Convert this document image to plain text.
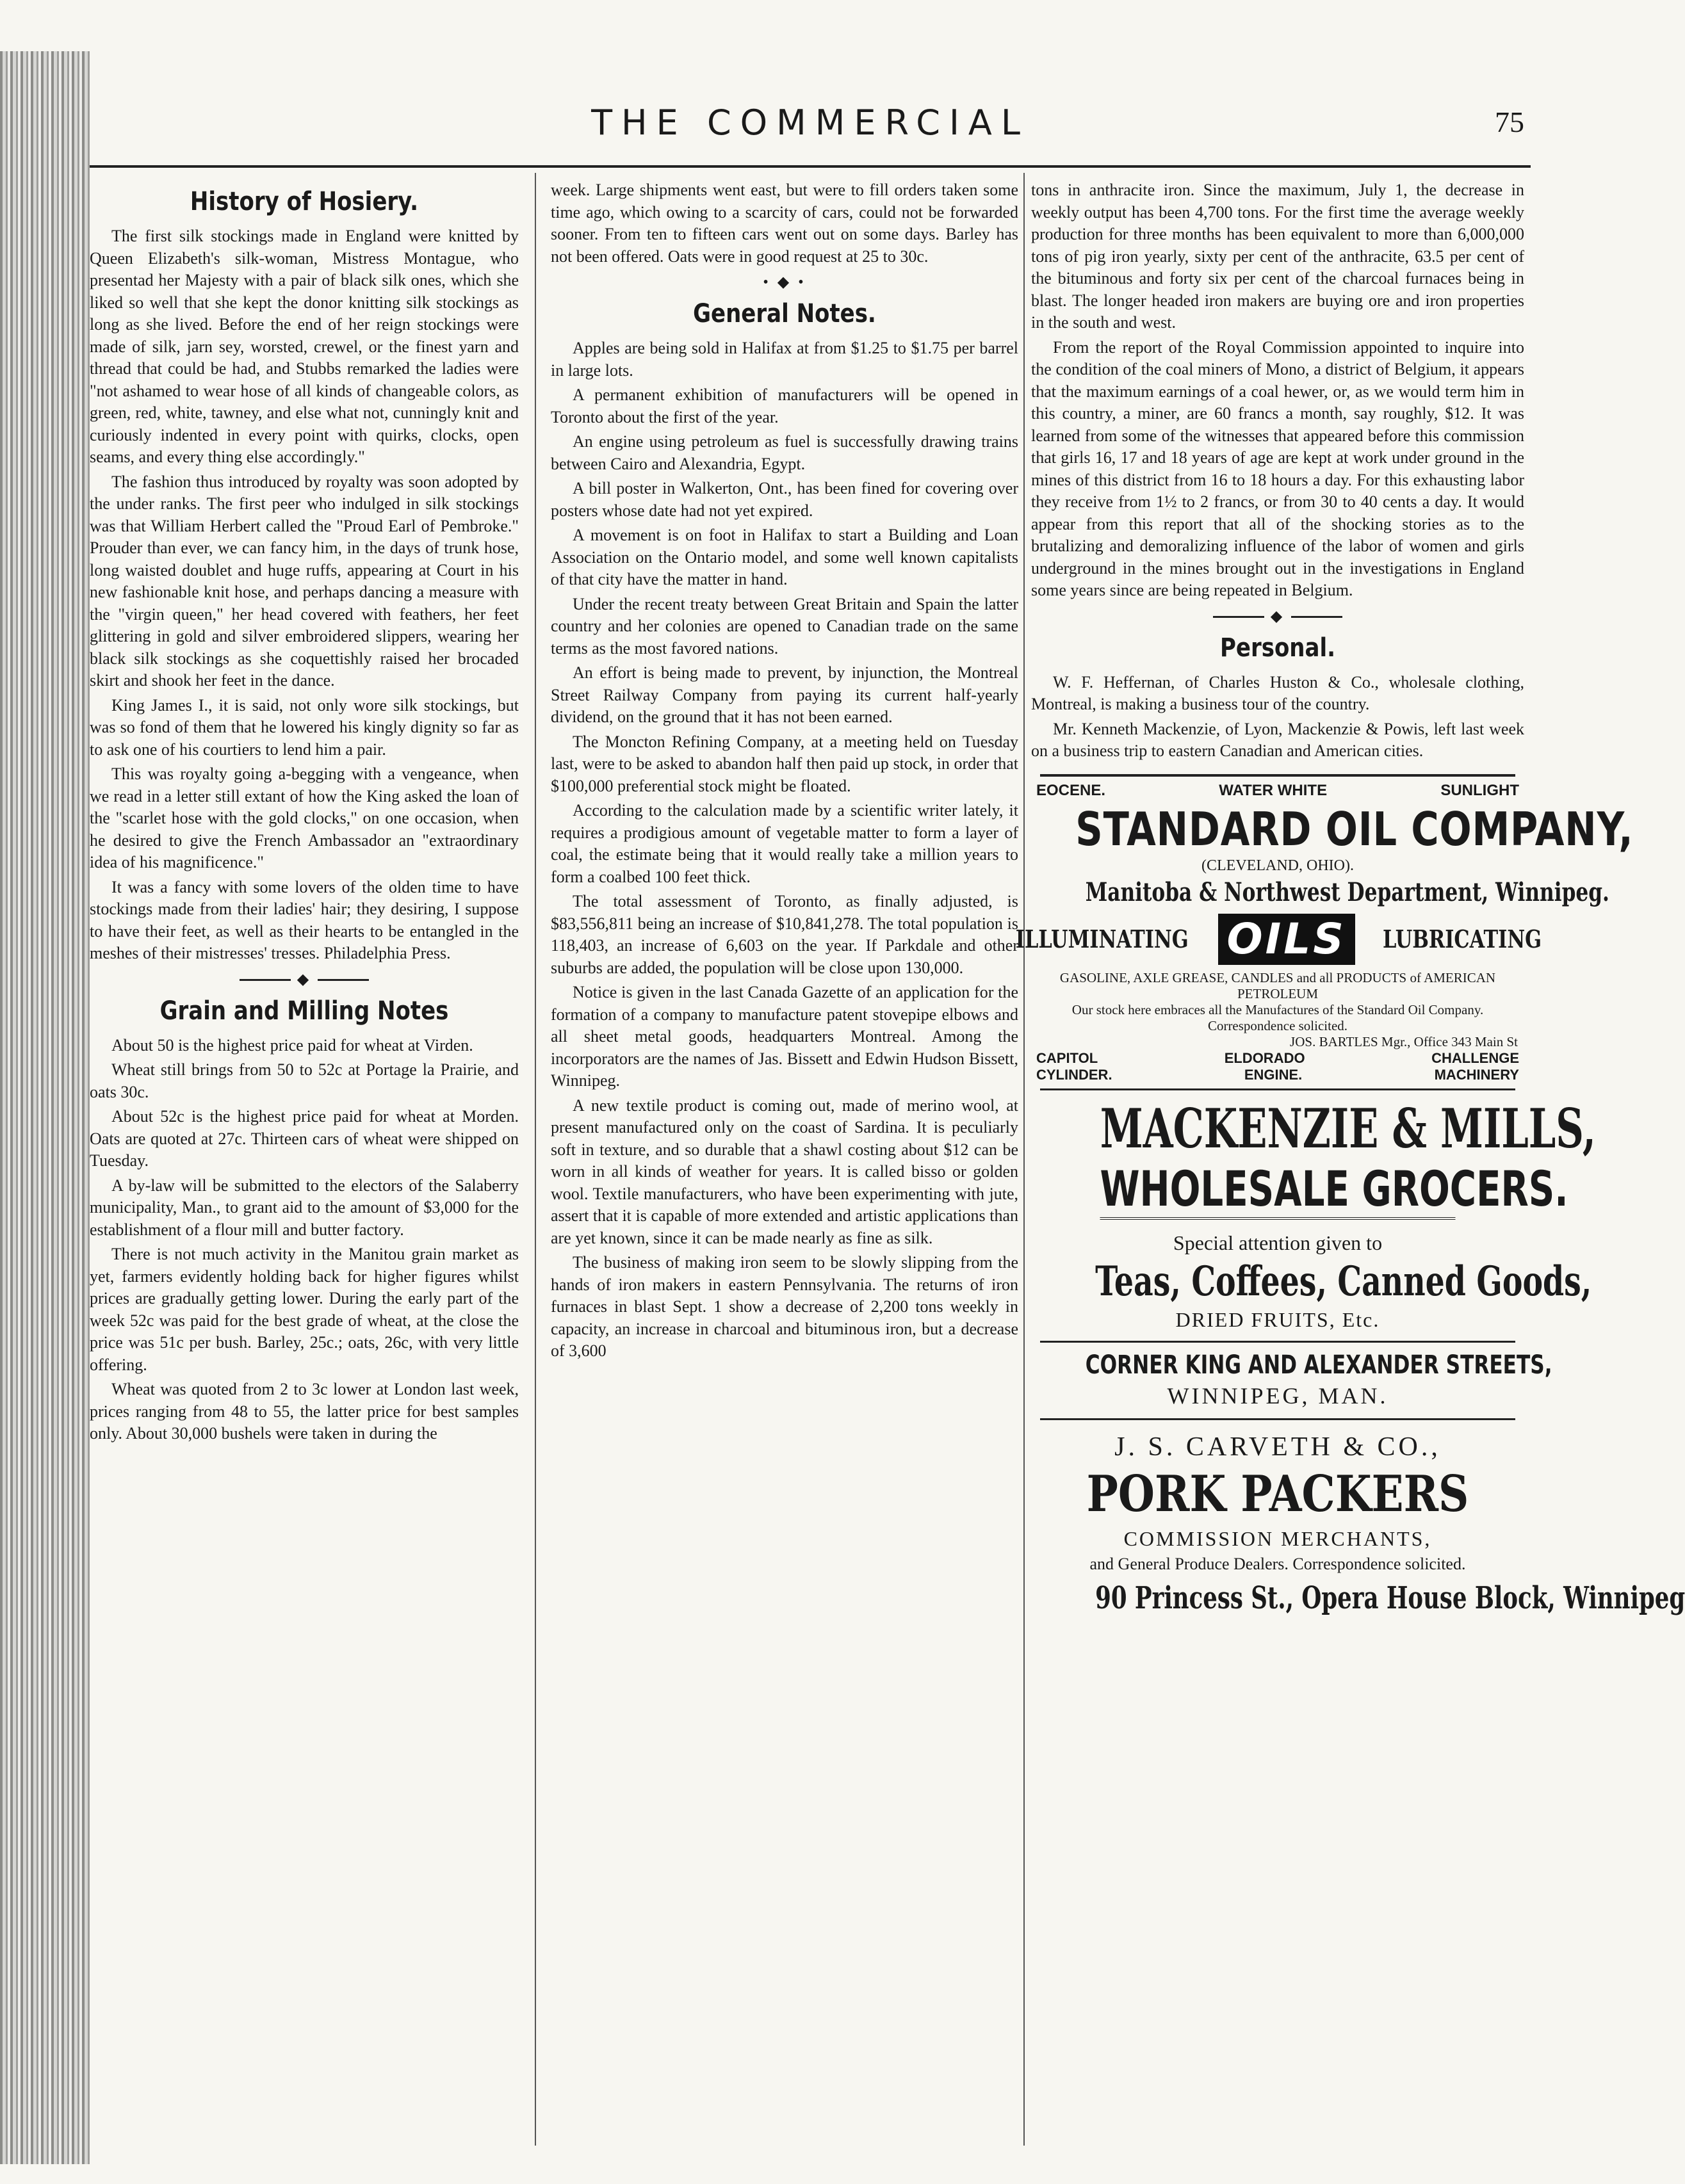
THE COMMERCIAL	75
History of Hosiery.

The first silk stockings made in England were knitted by Queen Elizabeth's silk-woman, Mistress Montague, who presentad her Majesty with a pair of black silk ones, which she liked so well that she kept the donor knitting silk stockings as long as she lived. Before the end of her reign stockings were made of silk, jarn sey, worsted, crewel, or the finest yarn and thread that could be had, and Stubbs remarked the ladies were "not ashamed to wear hose of all kinds of changeable colors, as green, red, white, tawney, and else what not, cunningly knit and curiously indented in every point with quirks, clocks, open seams, and every thing else accordingly."

The fashion thus introduced by royalty was soon adopted by the under ranks. The first peer who indulged in silk stockings was that William Herbert called the "Proud Earl of Pembroke." Prouder than ever, we can fancy him, in the days of trunk hose, long waisted doublet and huge ruffs, appearing at Court in his new fashionable knit hose, and perhaps dancing a measure with the "virgin queen," her head covered with feathers, her feet glittering in gold and silver embroidered slippers, wearing her black silk stockings as she coquettishly raised her brocaded skirt and shook her feet in the dance.

King James I., it is said, not only wore silk stockings, but was so fond of them that he lowered his kingly dignity so far as to ask one of his courtiers to lend him a pair.

This was royalty going a-begging with a vengeance, when we read in a letter still extant of how the King asked the loan of the "scarlet hose with the gold clocks," on one occasion, when he desired to give the French Ambassador an "extraordinary idea of his magnificence."

It was a fancy with some lovers of the olden time to have stockings made from their ladies' hair; they desiring, I suppose to have their feet, as well as their hearts to be entangled in the meshes of their mistresses' tresses. Philadelphia Press.

◆
Grain and Milling Notes

About 50 is the highest price paid for wheat at Virden.

Wheat still brings from 50 to 52c at Portage la Prairie, and oats 30c.

About 52c is the highest price paid for wheat at Morden. Oats are quoted at 27c. Thirteen cars of wheat were shipped on Tuesday.

A by-law will be submitted to the electors of the Salaberry municipality, Man., to grant aid to the amount of $3,000 for the establishment of a flour mill and butter factory.

There is not much activity in the Manitou grain market as yet, farmers evidently holding back for higher figures whilst prices are gradually getting lower. During the early part of the week 52c was paid for the best grade of wheat, at the close the price was 51c per bush. Barley, 25c.; oats, 26c, with very little offering.

Wheat was quoted from 2 to 3c lower at London last week, prices ranging from 48 to 55, the latter price for best samples only. About 30,000 bushels were taken in during the

week. Large shipments went east, but were to fill orders taken some time ago, which owing to a scarcity of cars, could not be forwarded sooner. From ten to fifteen cars went out on some days. Barley has not been offered. Oats were in good request at 25 to 30c.

• ◆ •
General Notes.

Apples are being sold in Halifax at from $1.25 to $1.75 per barrel in large lots.

A permanent exhibition of manufacturers will be opened in Toronto about the first of the year.

An engine using petroleum as fuel is successfully drawing trains between Cairo and Alexandria, Egypt.

A bill poster in Walkerton, Ont., has been fined for covering over posters whose date had not yet expired.

A movement is on foot in Halifax to start a Building and Loan Association on the Ontario model, and some well known capitalists of that city have the matter in hand.

Under the recent treaty between Great Britain and Spain the latter country and her colonies are opened to Canadian trade on the same terms as the most favored nations.

An effort is being made to prevent, by injunction, the Montreal Street Railway Company from paying its current half-yearly dividend, on the ground that it has not been earned.

The Moncton Refining Company, at a meeting held on Tuesday last, were to be asked to abandon half then paid up stock, in order that $100,000 preferential stock might be floated.

According to the calculation made by a scientific writer lately, it requires a prodigious amount of vegetable matter to form a layer of coal, the estimate being that it would really take a million years to form a coalbed 100 feet thick.

The total assessment of Toronto, as finally adjusted, is $83,556,811 being an increase of $10,841,278. The total population is 118,403, an increase of 6,603 on the year. If Parkdale and other suburbs are added, the population will be close upon 130,000.

Notice is given in the last Canada Gazette of an application for the formation of a company to manufacture patent stovepipe elbows and all sheet metal goods, headquarters Montreal. Among the incorporators are the names of Jas. Bissett and Edwin Hudson Bissett, Winnipeg.

A new textile product is coming out, made of merino wool, at present manufactured only on the coast of Sardina. It is peculiarly soft in texture, and so durable that a shawl costing about $12 can be worn in all kinds of weather for years. It is called bisso or golden wool. Textile manufacturers, who have been experimenting with jute, assert that it is capable of more extended and artistic applications than are yet known, since it can be made nearly as fine as silk.

The business of making iron seem to be slowly slipping from the hands of iron makers in eastern Pennsylvania. The returns of iron furnaces in blast Sept. 1 show a decrease of 2,200 tons weekly in capacity, an increase in charcoal and bituminous iron, but a decrease of 3,600

tons in anthracite iron. Since the maximum, July 1, the decrease in weekly output has been 4,700 tons. For the first time the average weekly production for three months has been equivalent to more than 6,000,000 tons of pig iron yearly, sixty per cent of the anthracite, 63.5 per cent of the bituminous and forty six per cent of the charcoal furnaces being in blast. The longer headed iron makers are buying ore and iron properties in the south and west.

From the report of the Royal Commission appointed to inquire into the condition of the coal miners of Mono, a district of Belgium, it appears that the maximum earnings of a coal hewer, or, as we would term him in this country, a miner, are 60 francs a month, say roughly, $12. It was learned from some of the witnesses that appeared before this commission that girls 16, 17 and 18 years of age are kept at work under ground in the mines of this district from 16 to 18 hours a day. For this exhausting labor they receive from 1½ to 2 francs, or from 30 to 40 cents a day. It would appear from this report that all of the shocking stories as to the brutalizing and demoralizing influence of the labor of women and girls underground in the mines brought out in the investigations in England some years since are being repeated in Belgium.

◆
Personal.

W. F. Heffernan, of Charles Huston & Co., wholesale clothing, Montreal, is making a business tour of the country.

Mr. Kenneth Mackenzie, of Lyon, Mackenzie & Powis, left last week on a business trip to eastern Canadian and American cities.

EOCENE.	WATER WHITE	SUNLIGHT
STANDARD OIL COMPANY,
(CLEVELAND, OHIO).
Manitoba & Northwest Department, Winnipeg.
ILLUMINATING OILS	LUBRICATING

GASOLINE, AXLE GREASE, CANDLES and all PRODUCTS of AMERICAN PETROLEUM

Our stock here embraces all the Manufactures of the Standard Oil Company. Correspondence solicited.

JOS. BARTLES Mgr., Office 343 Main St

CAPITOL	ELDORADO	CHALLENGE
CYLINDER.	ENGINE.	MACHINERY
MACKENZIE & MILLS,
WHOLESALE GROCERS.
Special attention given to
Teas, Coffees, Canned Goods,
DRIED FRUITS, Etc.
CORNER KING AND ALEXANDER STREETS,
WINNIPEG, MAN.
J. S. CARVETH & CO.,
PORK PACKERS
COMMISSION MERCHANTS,
and General Produce Dealers. Correspondence solicited.
90 Princess St., Opera House Block, Winnipeg
